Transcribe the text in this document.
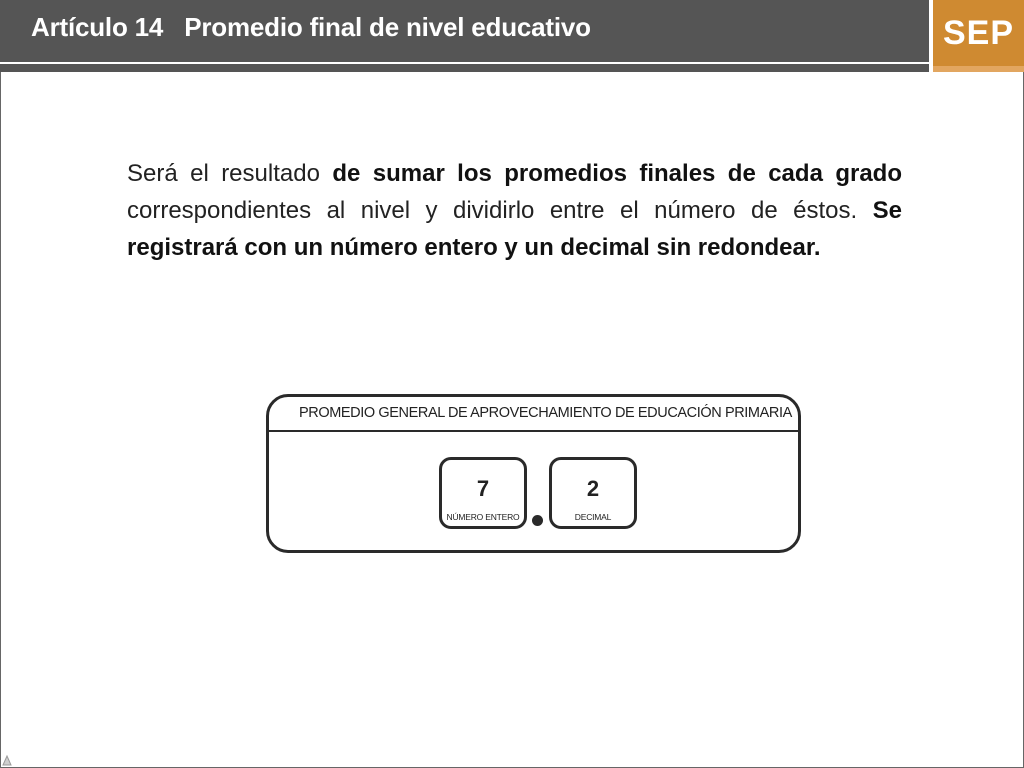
Artículo 14   Promedio final de nivel educativo	SEP
Será el resultado de sumar los promedios finales de cada grado correspondientes al nivel y dividirlo entre el número de éstos. Se registrará con un número entero y un decimal sin redondear.
PROMEDIO GENERAL DE APROVECHAMIENTO DE EDUCACIÓN PRIMARIA
7
NÚMERO ENTERO
2
DECIMAL
